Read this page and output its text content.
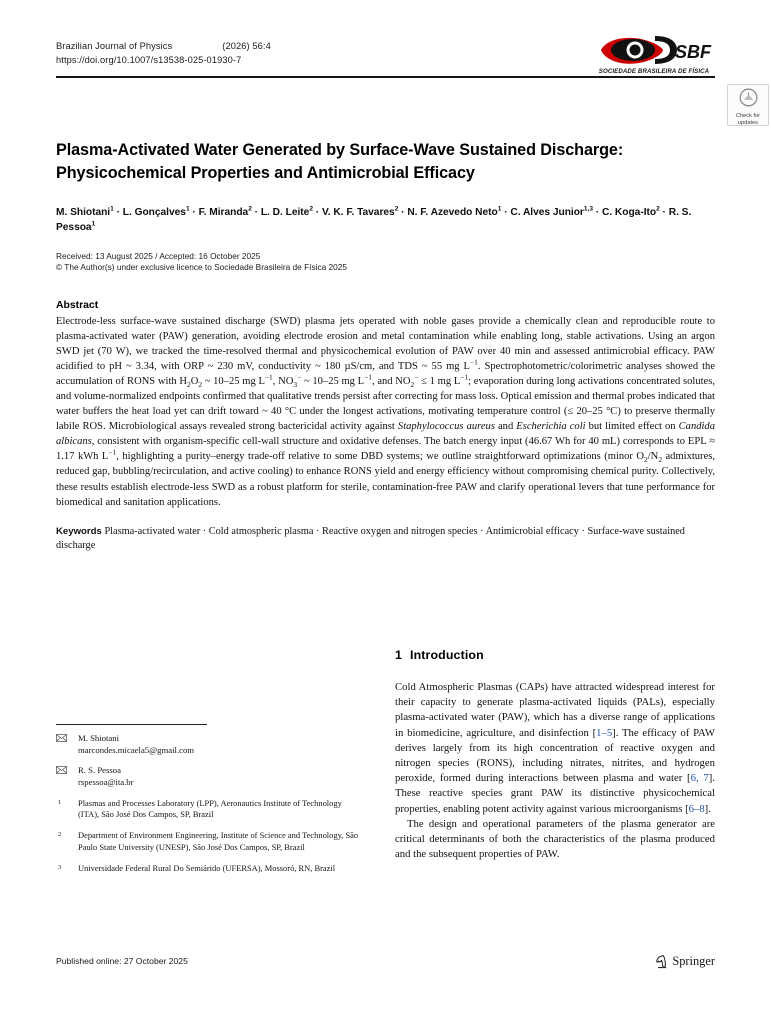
Brazilian Journal of Physics	(2026) 56:4
https://doi.org/10.1007/s13538-025-01930-7	SBF
SOCIEDADE BRASILEIRA DE FÍSICA
Check for
updates
Plasma-Activated Water Generated by Surface-Wave Sustained Discharge: Physicochemical Properties and Antimicrobial Efficacy
M. Shiotani$^1$ · L. Gonçalves$^1$ · F. Miranda$^2$ · L. D. Leite$^2$ · V. K. F. Tavares$^2$ · N. F. Azevedo Neto$^1$ · C. Alves Junior$^{1,3}$ · C. Koga-Ito$^2$ · R. S. Pessoa$^1$
Received: 13 August 2025 / Accepted: 16 October 2025
© The Author(s) under exclusive licence to Sociedade Brasileira de Física 2025
Abstract
Electrode-less surface-wave sustained discharge (SWD) plasma jets operated with noble gases provide a chemically clean and reproducible route to plasma-activated water (PAW) generation, avoiding electrode erosion and metal contamination while enabling long, stable activations. Using an argon SWD jet (70 W), we tracked the time-resolved thermal and physicochemical evolution of PAW over 40 min and assessed antimicrobial efficacy. PAW acidified to pH ~ 3.34, with ORP ~ 230 mV, conductivity ~ 180 µS/cm, and TDS ~ 55 mg $L^{-1}$. Spectrophotometric/colorimetric analyses showed the accumulation of RONS with $H_2O_2$ ~ 10–25 mg $L^{-1}$, $NO_3^-$ ~ 10–25 mg $L^{-1}$, and $NO_2^- \le 1$ mg $L^{-1}$; evaporation during long activations concentrated solutes, and volume-normalized endpoints confirmed that qualitative trends persist after correcting for mass loss. Optical emission and thermal probes indicated that water buffers the heat load yet can drift toward ~ 40 °C under the longest activations, motivating temperature control (≤ 20–25 °C) to preserve thermally labile ROS. Microbiological assays revealed strong bactericidal activity against Staphylococcus aureus and Escherichia coli but limited effect on Candida albicans, consistent with organism-specific cell-wall structure and oxidative defenses. The batch energy input (46.67 Wh for 40 mL) corresponds to EPL ≈ 1.17 kWh $L^{-1}$, highlighting a purity–energy trade-off relative to some DBD systems; we outline straightforward optimizations (minor $O_2/N_2$ admixtures, reduced gap, bubbling/recirculation, and active cooling) to enhance RONS yield and energy efficiency without compromising chemical purity. Collectively, these results establish electrode-less SWD as a robust platform for sterile, contamination-free PAW and clarify operational levers that tune performance for biomedical and sanitation applications.
Keywords Plasma-activated water · Cold atmospheric plasma · Reactive oxygen and nitrogen species · Antimicrobial efficacy · Surface-wave sustained discharge
M. Shiotani
marcondes.micaela5@gmail.com
R. S. Pessoa
rspessoa@ita.br
1 Plasmas and Processes Laboratory (LPP), Aeronautics Institute of Technology (ITA), São José Dos Campos, SP, Brazil
2 Department of Environment Engineering, Institute of Science and Technology, São Paulo State University (UNESP), São José Dos Campos, SP, Brazil
3 Universidade Federal Rural Do Semiárido (UFERSA), Mossoró, RN, Brazil
1 Introduction

Cold Atmospheric Plasmas (CAPs) have attracted widespread interest for their capacity to generate plasma-activated liquids (PALs), especially plasma-activated water (PAW), which has a diverse range of applications in biomedicine, agriculture, and disinfection [1–5]. The efficacy of PAW derives largely from its high concentration of reactive oxygen and nitrogen species (RONS), including nitrates, nitrites, and hydrogen peroxide, formed during interactions between plasma and water [6, 7]. These reactive species grant PAW its distinctive physicochemical properties, enabling potent activity against various microorganisms [6–8].

The design and operational parameters of the plasma generator are critical determinants of both the characteristics of the plasma produced and the subsequent properties of PAW.

Published online: 27 October 2025	Springer
